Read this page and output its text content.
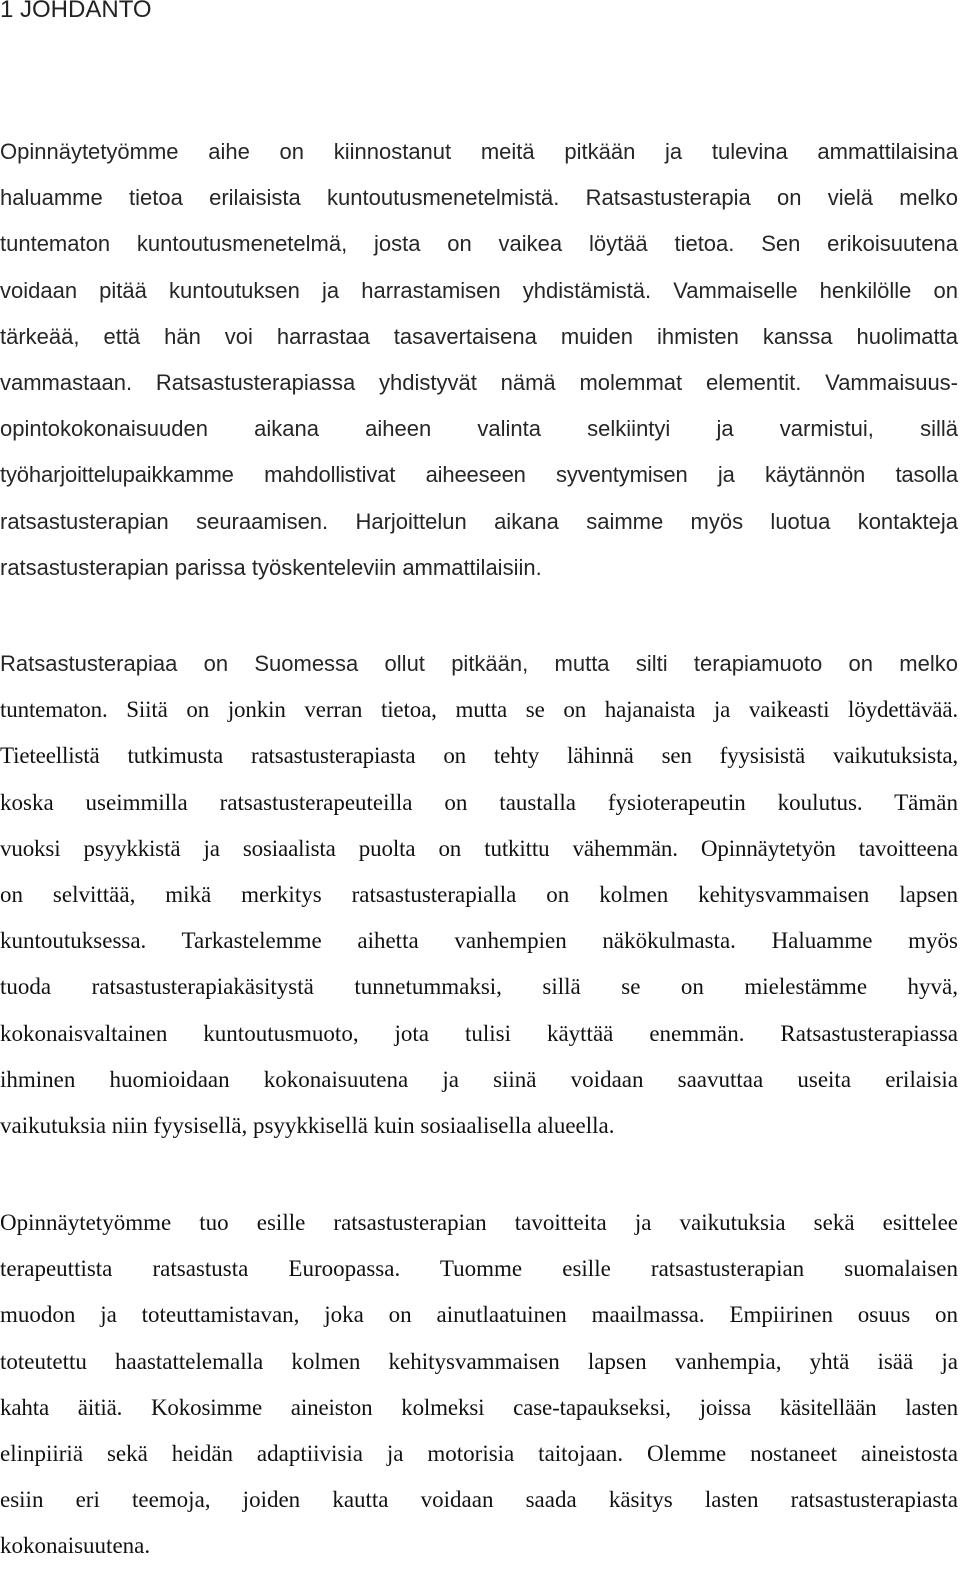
1 JOHDANTO
Opinnäytetyömme aihe on kiinnostanut meitä pitkään ja tulevina ammattilaisina
haluamme tietoa erilaisista kuntoutusmenetelmistä. Ratsastusterapia on vielä melko
tuntematon kuntoutusmenetelmä, josta on vaikea löytää tietoa. Sen erikoisuutena
voidaan pitää kuntoutuksen ja harrastamisen yhdistämistä. Vammaiselle henkilölle on
tärkeää, että hän voi harrastaa tasavertaisena muiden ihmisten kanssa huolimatta
vammastaan. Ratsastusterapiassa yhdistyvät nämä molemmat elementit. Vammaisuus-
opintokokonaisuuden aikana aiheen valinta selkiintyi ja varmistui, sillä
työharjoittelupaikkamme mahdollistivat aiheeseen syventymisen ja käytännön tasolla
ratsastusterapian seuraamisen. Harjoittelun aikana saimme myös luotua kontakteja
ratsastusterapian parissa työskenteleviin ammattilaisiin.
Ratsastusterapiaa on Suomessa ollut pitkään, mutta silti terapiamuoto on melko
tuntematon. Siitä on jonkin verran tietoa, mutta se on hajanaista ja vaikeasti löydettävää.
Tieteellistä tutkimusta ratsastusterapiasta on tehty lähinnä sen fyysisistä vaikutuksista,
koska useimmilla ratsastusterapeuteilla on taustalla fysioterapeutin koulutus. Tämän
vuoksi psyykkistä ja sosiaalista puolta on tutkittu vähemmän. Opinnäytetyön tavoitteena
on selvittää, mikä merkitys ratsastusterapialla on kolmen kehitysvammaisen lapsen
kuntoutuksessa. Tarkastelemme aihetta vanhempien näkökulmasta. Haluamme myös
tuoda ratsastusterapiakäsitystä tunnetummaksi, sillä se on mielestämme hyvä,
kokonaisvaltainen kuntoutusmuoto, jota tulisi käyttää enemmän. Ratsastusterapiassa
ihminen huomioidaan kokonaisuutena ja siinä voidaan saavuttaa useita erilaisia
vaikutuksia niin fyysisellä, psyykkisellä kuin sosiaalisella alueella.
Opinnäytetyömme tuo esille ratsastusterapian tavoitteita ja vaikutuksia sekä esittelee
terapeuttista ratsastusta Euroopassa. Tuomme esille ratsastusterapian suomalaisen
muodon ja toteuttamistavan, joka on ainutlaatuinen maailmassa. Empiirinen osuus on
toteutettu haastattelemalla kolmen kehitysvammaisen lapsen vanhempia, yhtä isää ja
kahta äitiä. Kokosimme aineiston kolmeksi case-tapaukseksi, joissa käsitellään lasten
elinpiiriä sekä heidän adaptiivisia ja motorisia taitojaan. Olemme nostaneet aineistosta
esiin eri teemoja, joiden kautta voidaan saada käsitys lasten ratsastusterapiasta
kokonaisuutena.
